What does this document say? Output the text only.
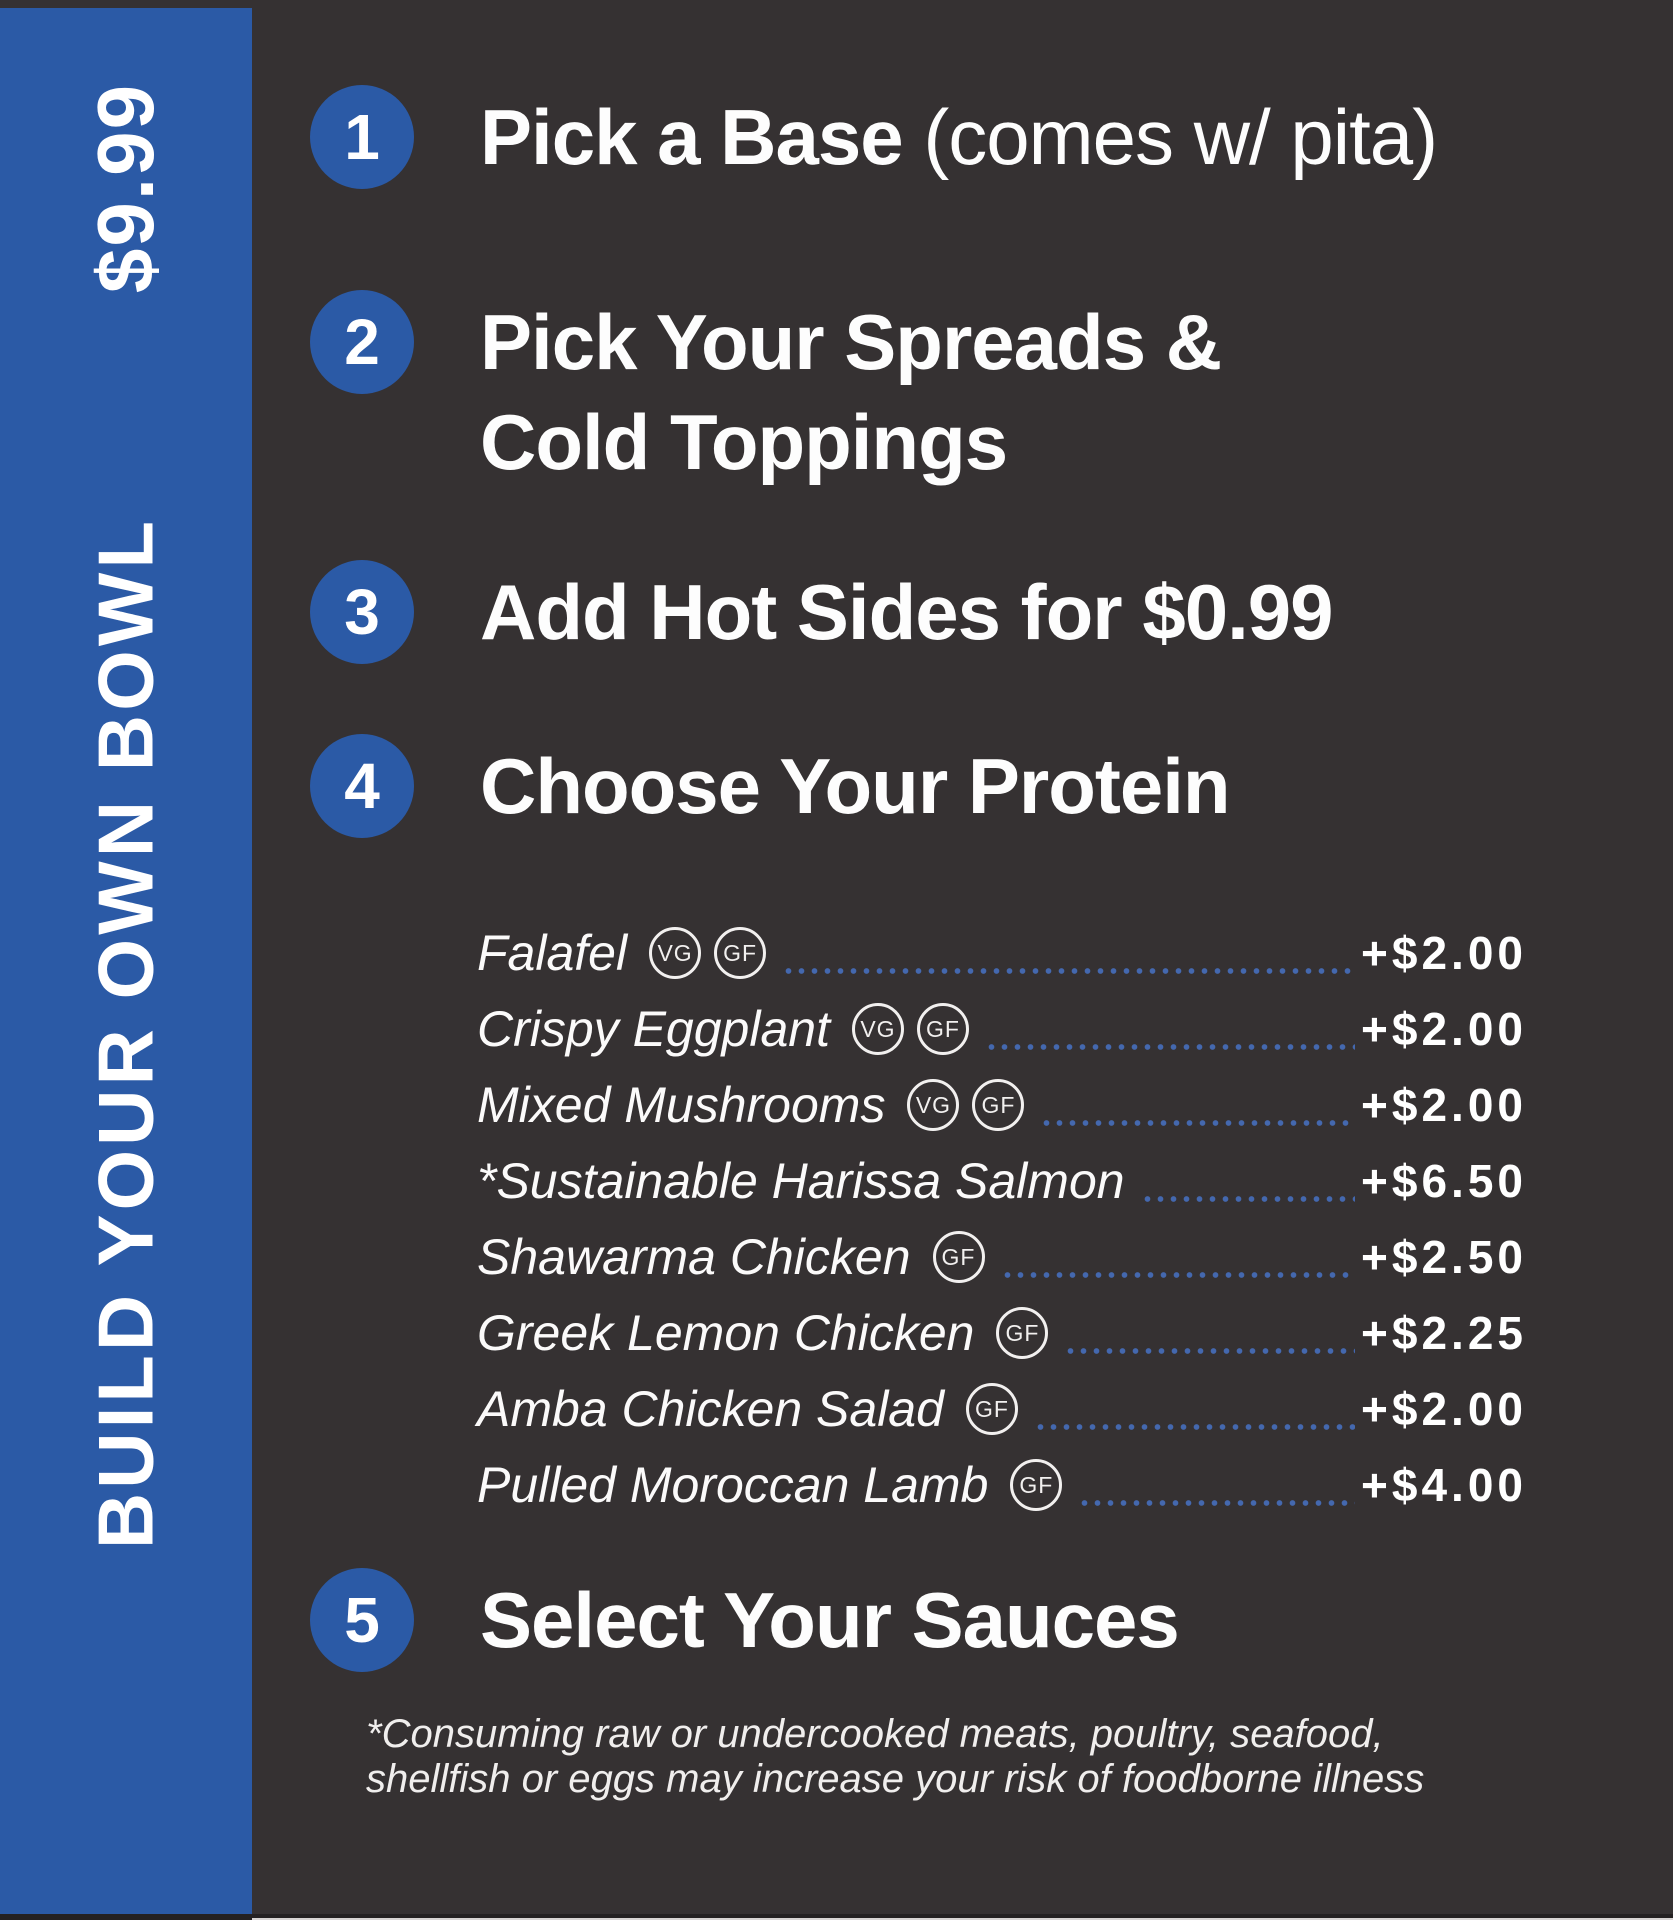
$9.99
BUILD YOUR OWN BOWL
1	Pick a Base (comes w/ pita)
2	Pick Your Spreads &
Cold Toppings
3	Add Hot Sides for $0.99
4	Choose Your Protein
Falafel	VG	GF	+$2.00
Crispy Eggplant	VG	GF	+$2.00
Mixed Mushrooms	VG	GF	+$2.00
*Sustainable Harissa Salmon	+$6.50
Shawarma Chicken	GF	+$2.50
Greek Lemon Chicken	GF	+$2.25
Amba Chicken Salad	GF	+$2.00
Pulled Moroccan Lamb	GF	+$4.00
5	Select Your Sauces
*Consuming raw or undercooked meats, poultry, seafood,
shellfish or eggs may increase your risk of foodborne illness
